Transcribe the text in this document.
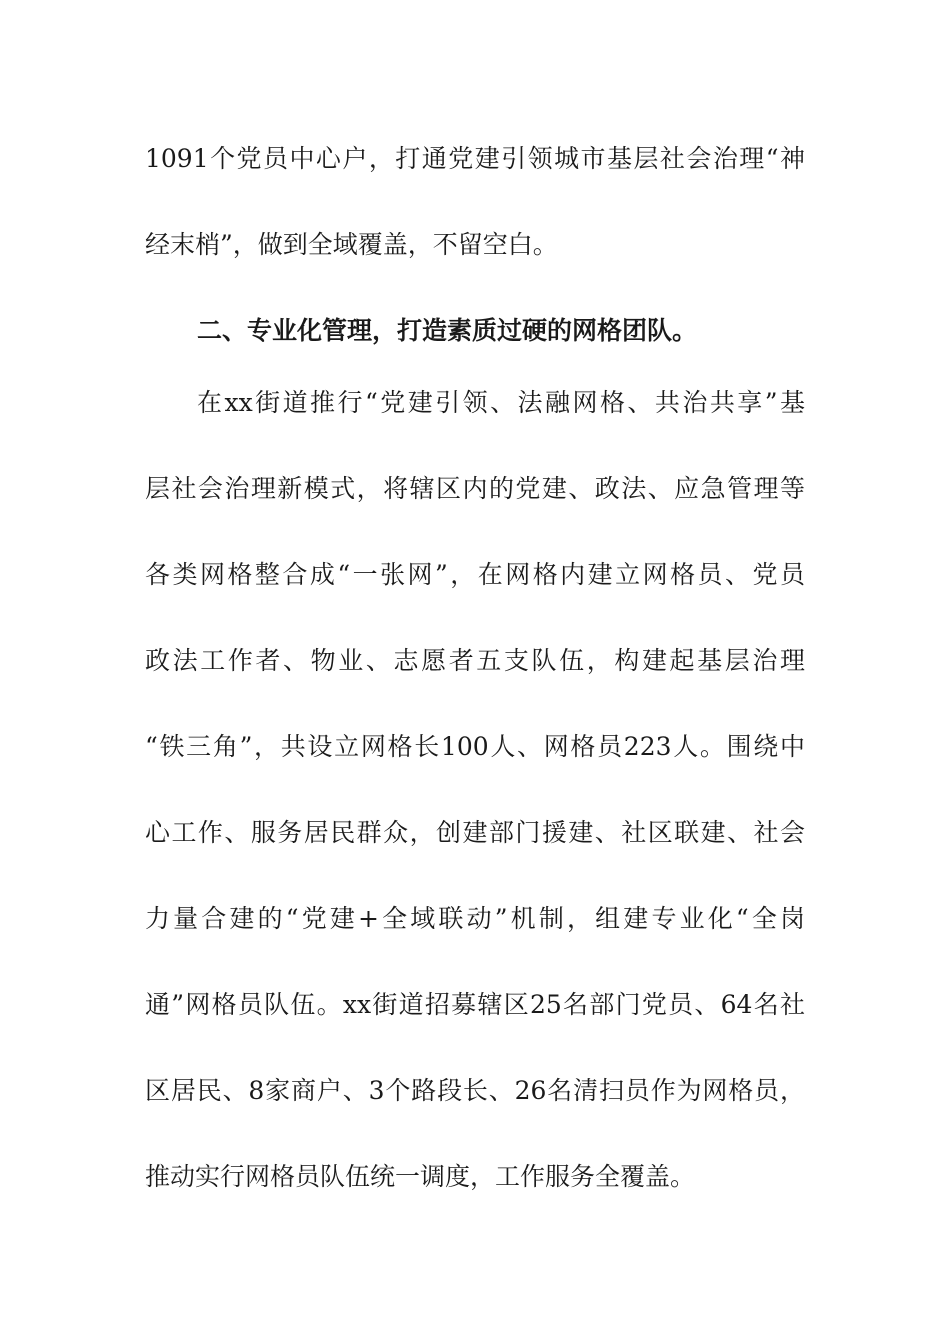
1091个党员中心户，打通党建引领城市基层社会治理“神
经末梢”，做到全域覆盖，不留空白。
二、专业化管理，打造素质过硬的网格团队。
在xx街道推行“党建引领、法融网格、共治共享”基
层社会治理新模式，将辖区内的党建、政法、应急管理等
各类网格整合成“一张网”，在网格内建立网格员、党员
政法工作者、物业、志愿者五支队伍，构建起基层治理
“铁三角”，共设立网格长100人、网格员223人。围绕中
心工作、服务居民群众，创建部门援建、社区联建、社会
力量合建的“党建+全域联动”机制，组建专业化“全岗
通”网格员队伍。xx街道招募辖区25名部门党员、64名社
区居民、8家商户、3个路段长、26名清扫员作为网格员，
推动实行网格员队伍统一调度，工作服务全覆盖。
